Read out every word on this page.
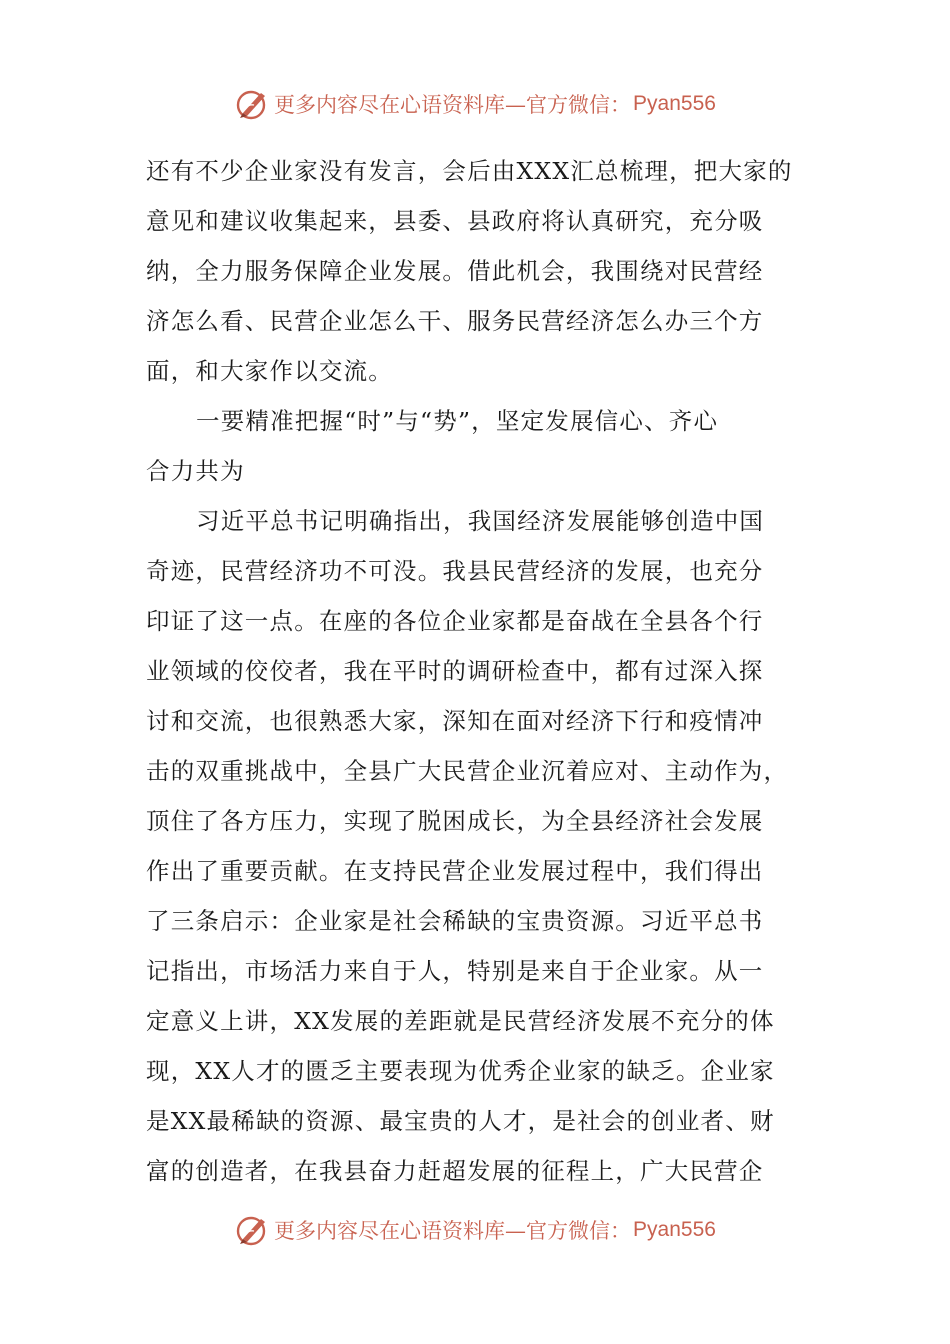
更多内容尽在心语资料库—官方微信： Pyan556
还有不少企业家没有发言，会后由XXX汇总梳理，把大家的
意见和建议收集起来，县委、县政府将认真研究，充分吸
纳，全力服务保障企业发展。借此机会，我围绕对民营经
济怎么看、民营企业怎么干、服务民营经济怎么办三个方
面，和大家作以交流。
一要精准把握“时”与“势”，坚定发展信心、齐心
合力共为
习近平总书记明确指出，我国经济发展能够创造中国
奇迹，民营经济功不可没。我县民营经济的发展，也充分
印证了这一点。在座的各位企业家都是奋战在全县各个行
业领域的佼佼者，我在平时的调研检查中，都有过深入探
讨和交流，也很熟悉大家，深知在面对经济下行和疫情冲
击的双重挑战中，全县广大民营企业沉着应对、主动作为，
顶住了各方压力，实现了脱困成长，为全县经济社会发展
作出了重要贡献。在支持民营企业发展过程中，我们得出
了三条启示：企业家是社会稀缺的宝贵资源。习近平总书
记指出，市场活力来自于人，特别是来自于企业家。从一
定意义上讲，XX发展的差距就是民营经济发展不充分的体
现，XX人才的匮乏主要表现为优秀企业家的缺乏。企业家
是XX最稀缺的资源、最宝贵的人才，是社会的创业者、财
富的创造者，在我县奋力赶超发展的征程上，广大民营企
更多内容尽在心语资料库—官方微信： Pyan556
